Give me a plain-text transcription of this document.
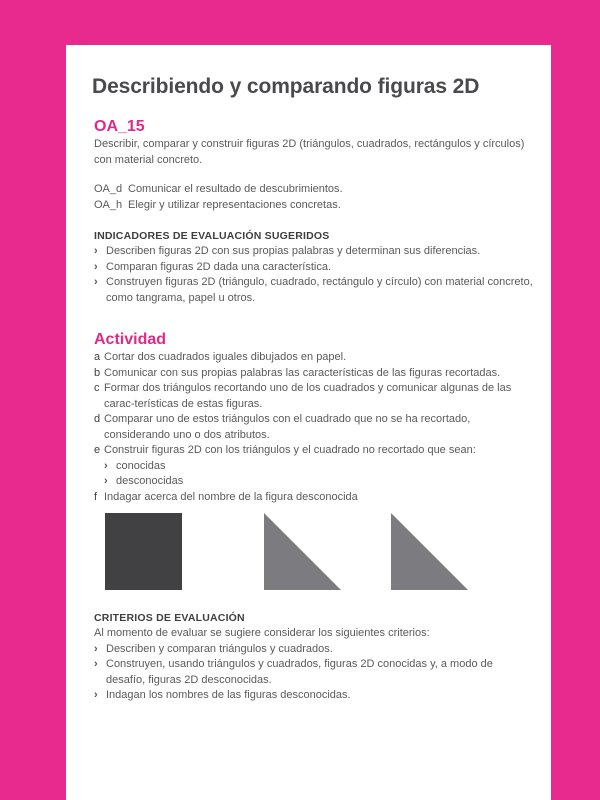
Describiendo y comparando figuras 2D
OA_15
Describir, comparar y construir figuras 2D (triángulos, cuadrados, rectángulos y círculos) con material concreto.
OA_d Comunicar el resultado de descubrimientos.
OA_h Elegir y utilizar representaciones concretas.
INDICADORES DE EVALUACIÓN SUGERIDOS
› Describen figuras 2D con sus propias palabras y determinan sus diferencias.
› Comparan figuras 2D dada una característica.
› Construyen figuras 2D (triángulo, cuadrado, rectángulo y círculo) con material concreto, como tangrama, papel u otros.
Actividad
a Cortar dos cuadrados iguales dibujados en papel.
b Comunicar con sus propias palabras las características de las figuras recortadas.
c Formar dos triángulos recortando uno de los cuadrados y comunicar algunas de las carac-terísticas de estas figuras.
d Comparar uno de estos triángulos con el cuadrado que no se ha recortado, considerando uno o dos atributos.
e Construir figuras 2D con los triángulos y el cuadrado no recortado que sean:
› conocidas
› desconocidas
f Indagar acerca del nombre de la figura desconocida
CRITERIOS DE EVALUACIÓN
Al momento de evaluar se sugiere considerar los siguientes criterios:
› Describen y comparan triángulos y cuadrados.
› Construyen, usando triángulos y cuadrados, figuras 2D conocidas y, a modo de desafío, figuras 2D desconocidas.
› Indagan los nombres de las figuras desconocidas.
